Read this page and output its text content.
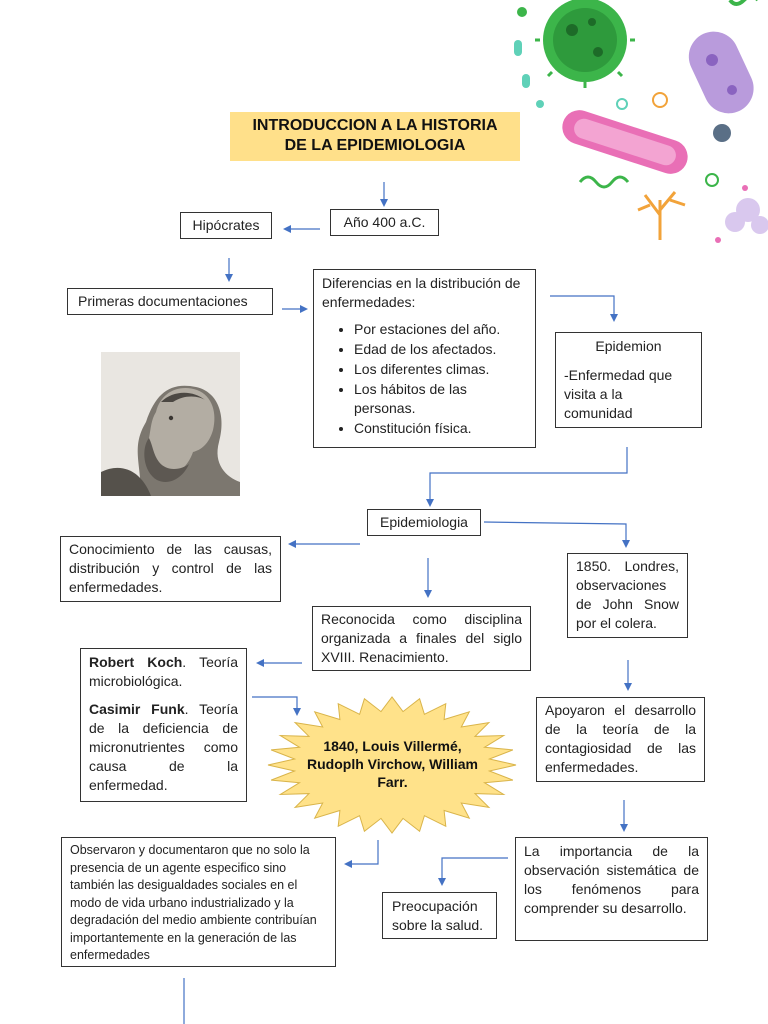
INTRODUCCION A LA HISTORIA
DE LA EPIDEMIOLOGIA
Hipócrates	Año 400 a.C.
Primeras documentaciones
Diferencias en la distribución de enfermedades:
• Por estaciones del año.
• Edad de los afectados.
• Los diferentes climas.
• Los hábitos de las personas.
• Constitución física.
Epidemion
-Enfermedad que visita a la comunidad
Epidemiologia
Conocimiento de las causas, distribución y control de las enfermedades.
1850. Londres, observaciones de John Snow por el colera.
Reconocida como disciplina organizada a finales del siglo XVIII. Renacimiento.
Robert Koch. Teoría microbiológica.
Casimir Funk. Teoría de la deficiencia de micronutrientes como causa de la enfermedad.
1840, Louis Villermé, Rudoplh Virchow, William Farr.
Apoyaron el desarrollo de la teoría de la contagiosidad de las enfermedades.
Observaron y documentaron que no solo la presencia de un agente especifico sino también las desigualdades sociales en el modo de vida urbano industrializado y la degradación del medio ambiente contribuían importantemente en la generación de las enfermedades
La importancia de la observación sistemática de los fenómenos para comprender su desarrollo.
Preocupación sobre la salud.
